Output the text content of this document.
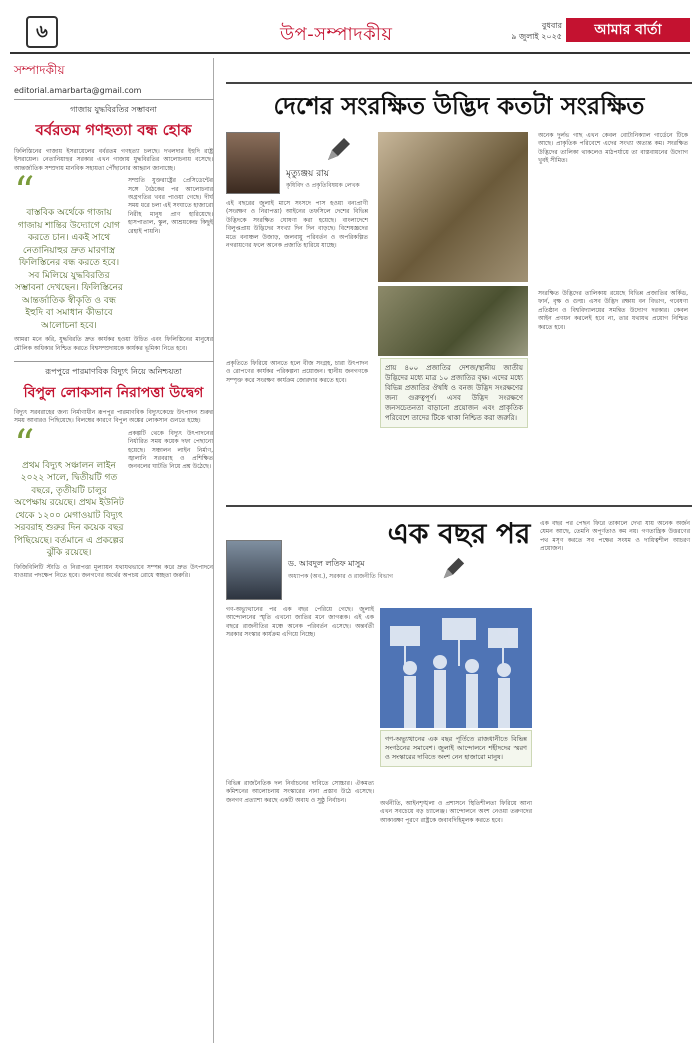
৬	উপ-সম্পাদকীয়	বুধবার
৯ জুলাই ২০২৫	আমার বার্তা
সম্পাদকীয়
editorial.amarbarta@gmail.com
গাজায় যুদ্ধবিরতির সম্ভাবনা
বর্বরতম গণহত্যা বন্ধ হোক
ফিলিস্তিনের গাজায় ইসরায়েলের বর্বরতম গণহত্যা চলছে। দখলদার ইহুদি রাষ্ট্র ইসরায়েল। নেতানিয়াহুর সরকার এখন গাজায় যুদ্ধবিরতির আলোচনায় বসেছে। আন্তর্জাতিক সম্প্রদায় মানবিক সহায়তা পৌঁছানোর আহ্বান জানাচ্ছে।
“
বাস্তবিক অর্থেকে গাজায় গাজায় শান্তির উদ্যোগে যোগ করতে চান। একই সাথে নেতানিয়াহুর দ্রুত মারণাস্ত্র ফিলিস্তিনের বন্ধ করতে হবে। সব মিলিয়ে যুদ্ধবিরতির সম্ভাবনা দেখছেন। ফিলিস্তিনের আন্তর্জাতিক স্বীকৃতি ও বন্ধ ইহুদি বা সমাধান কীভাবে আলোচনা হবে।
সম্প্রতি যুক্তরাষ্ট্রের প্রেসিডেন্টের সঙ্গে বৈঠকের পর আলোচনার অগ্রগতির খবর পাওয়া গেছে। দীর্ঘ সময় ধরে চলা এই সংঘাতে হাজারো নিরীহ মানুষ প্রাণ হারিয়েছে। হাসপাতাল, স্কুল, আশ্রয়কেন্দ্র কিছুই রেহাই পায়নি।
আমরা মনে করি, যুদ্ধবিরতি দ্রুত কার্যকর হওয়া উচিত এবং ফিলিস্তিনের মানুষের মৌলিক অধিকার নিশ্চিত করতে বিশ্বসম্প্রদায়কে কার্যকর ভূমিকা নিতে হবে।
রূপপুরে পারমাণবিক বিদ্যুৎ নিয়ে অনিশ্চয়তা
বিপুল লোকসান নিরাপত্তা উদ্বেগ
বিদ্যুৎ সরবরাহের জন্য নির্মাণাধীন রূপপুর পারমাণবিক বিদ্যুৎকেন্দ্রে উৎপাদন শুরুর সময় আবারও পিছিয়েছে। বিলম্বের কারণে বিপুল অঙ্কের লোকসান গুনতে হচ্ছে।
“
প্রথম বিদ্যুৎ সঞ্চালন লাইন ২০২২ সালে, দ্বিতীয়টি গত বছরে, তৃতীয়টি চালুর অপেক্ষায় রয়েছে। প্রথম ইউনিট থেকে ১২০০ মেগাওয়াট বিদ্যুৎ সরবরাহ শুরুর দিন কয়েক বছর পিছিয়েছে। বর্তমানে এ প্রকল্পের ঝুঁকি রয়েছে।
প্রকল্পটি থেকে বিদ্যুৎ উৎপাদনের নির্ধারিত সময় কয়েক দফা পেছানো হয়েছে। সঞ্চালন লাইন নির্মাণ, জ্বালানি সরবরাহ ও প্রশিক্ষিত জনবলের ঘাটতি নিয়ে প্রশ্ন উঠেছে।
ফিজিবিলিটি স্টাডি ও নিরাপত্তা মূল্যায়ন যথাযথভাবে সম্পন্ন করে দ্রুত উৎপাদনে যাওয়ার পদক্ষেপ নিতে হবে। জনগণের অর্থের অপচয় রোধে স্বচ্ছতা জরুরি।
দেশের সংরক্ষিত উদ্ভিদ কতটা সংরক্ষিত
মৃত্যুঞ্জয় রায়
কৃষিবিদ ও প্রকৃতিবিষয়ক লেখক
এই বছরের জুলাই মাসে সংসদে পাস হওয়া বন্যপ্রাণী (সংরক্ষণ ও নিরাপত্তা) আইনের তফসিলে দেশের বিভিন্ন উদ্ভিদকে সংরক্ষিত ঘোষণা করা হয়েছে। বাংলাদেশে বিলুপ্তপ্রায় উদ্ভিদের সংখ্যা দিন দিন বাড়ছে। বিশেষজ্ঞদের মতে বনাঞ্চল উজাড়, জলবায়ু পরিবর্তন ও অপরিকল্পিত নগরায়ণের ফলে অনেক প্রজাতি হারিয়ে যাচ্ছে।
অনেক দুর্লভ গাছ এখন কেবল বোটানিক্যাল গার্ডেনে টিকে আছে। প্রাকৃতিক পরিবেশে এদের সংখ্যা অত্যন্ত কম। সংরক্ষিত উদ্ভিদের তালিকা থাকলেও মাঠপর্যায়ে তা বাস্তবায়নের উদ্যোগ খুবই সীমিত।
প্রায় ৪০০ প্রজাতির দেশজ/স্থানীয় জাতীয় উদ্ভিদের মধ্যে মাত্র ১০ প্রজাতির বৃক্ষ। এদের মধ্যে বিভিন্ন প্রজাতির ঔষধি ও বনজ উদ্ভিদ সংরক্ষণের জন্য গুরুত্বপূর্ণ। এসব উদ্ভিদ সংরক্ষণে জনসচেতনতা বাড়ানো প্রয়োজন এবং প্রাকৃতিক পরিবেশে তাদের টিকে থাকা নিশ্চিত করা জরুরি।
প্রকৃতিতে ফিরিয়ে আনতে হলে বীজ সংগ্রহ, চারা উৎপাদন ও রোপণের কার্যকর পরিকল্পনা প্রয়োজন। স্থানীয় জনগণকে সম্পৃক্ত করে সংরক্ষণ কার্যক্রম জোরদার করতে হবে।
সংরক্ষিত উদ্ভিদের তালিকায় রয়েছে বিভিন্ন প্রজাতির অর্কিড, ফার্ন, বৃক্ষ ও গুল্ম। এসব উদ্ভিদ রক্ষায় বন বিভাগ, গবেষণা প্রতিষ্ঠান ও বিশ্ববিদ্যালয়ের সমন্বিত উদ্যোগ দরকার। কেবল আইন প্রণয়ন করলেই হবে না, তার যথাযথ প্রয়োগ নিশ্চিত করতে হবে।
এক বছর পর
ড. আবদুল লতিফ মাসুম
অধ্যাপক (অব.), সরকার ও রাজনীতি বিভাগ
গণ-অভ্যুত্থানের পর এক বছর পেরিয়ে গেছে। জুলাই আন্দোলনের স্মৃতি এখনো জাতির মনে জাগরূক। এই এক বছরে রাজনীতির মঞ্চে অনেক পরিবর্তন এসেছে। অন্তর্বর্তী সরকার সংস্কার কার্যক্রম এগিয়ে নিচ্ছে।
বিভিন্ন রাজনৈতিক দল নির্বাচনের দাবিতে সোচ্চার। ঐকমত্য কমিশনের আলোচনায় সংস্কারের নানা প্রস্তাব উঠে এসেছে। জনগণ প্রত্যাশা করছে একটি অবাধ ও সুষ্ঠু নির্বাচন।	অর্থনীতি, আইনশৃঙ্খলা ও প্রশাসনে স্থিতিশীলতা ফিরিয়ে আনা এখন সবচেয়ে বড় চ্যালেঞ্জ। আন্দোলনে অংশ নেওয়া তরুণদের আকাঙ্ক্ষা পূরণে রাষ্ট্রকে জবাবদিহিমূলক করতে হবে।
এক বছর পর পেছন ফিরে তাকালে দেখা যায় অনেক অর্জন যেমন আছে, তেমনি অপূর্ণতাও কম নয়। গণতান্ত্রিক উত্তরণের পথ মসৃণ করতে সব পক্ষের সংযম ও দায়িত্বশীল আচরণ প্রয়োজন।
গণ-অভ্যুত্থানের এক বছর পূর্তিতে রাজধানীতে বিভিন্ন সংগঠনের সমাবেশ। জুলাই আন্দোলনে শহীদদের স্মরণ ও সংস্কারের দাবিতে অংশ নেন হাজারো মানুষ।
